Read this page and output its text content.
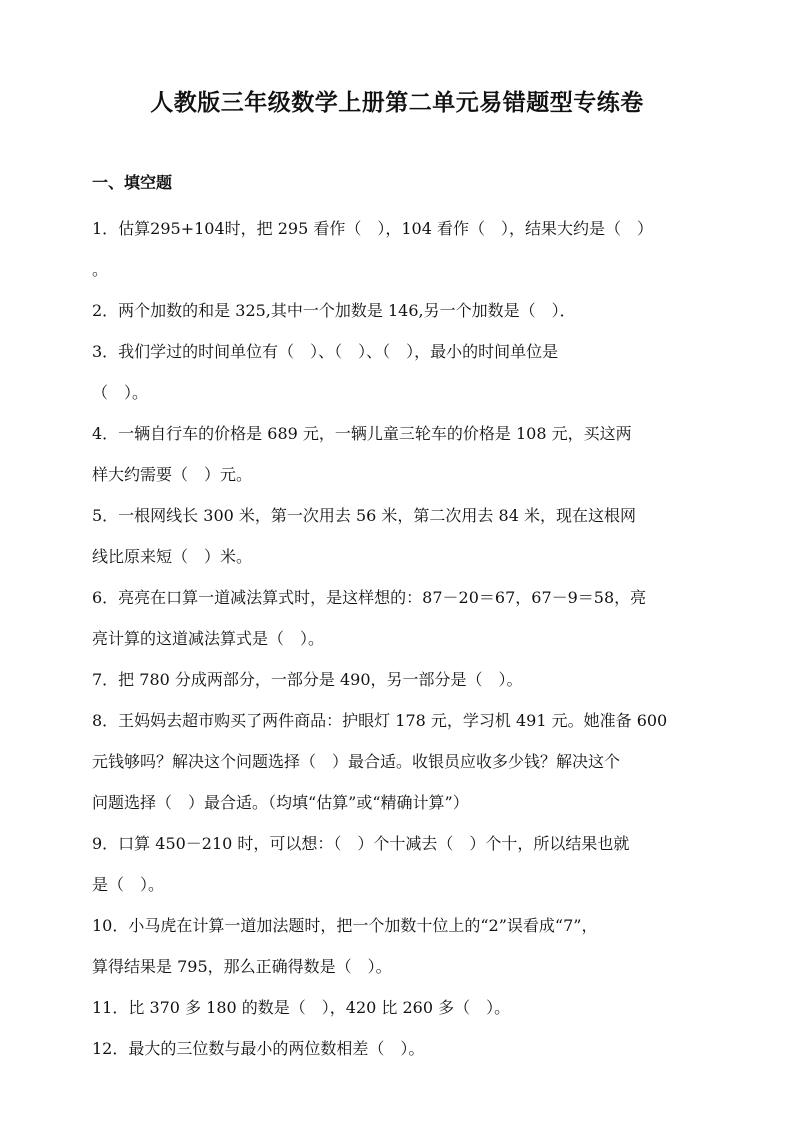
人教版三年级数学上册第二单元易错题型专练卷
一、填空题
1．估算295+104时，把 295 看作（　），104 看作（　），结果大约是（　）
。
2．两个加数的和是 325,其中一个加数是 146,另一个加数是（　）．
3．我们学过的时间单位有（　）、（　）、（　），最小的时间单位是
（　）。
4．一辆自行车的价格是 689 元，一辆儿童三轮车的价格是 108 元，买这两
样大约需要（　）元。
5．一根网线长 300 米，第一次用去 56 米，第二次用去 84 米，现在这根网
线比原来短（　）米。
6．亮亮在口算一道减法算式时，是这样想的：87－20＝67，67－9＝58，亮
亮计算的这道减法算式是（　）。
7．把 780 分成两部分，一部分是 490，另一部分是（　）。
8．王妈妈去超市购买了两件商品：护眼灯 178 元，学习机 491 元。她准备 600
元钱够吗？解决这个问题选择（　）最合适。收银员应收多少钱？解决这个
问题选择（　）最合适。（均填“估算”或“精确计算”）
9．口算 450－210 时，可以想：（　）个十减去（　）个十，所以结果也就
是（　）。
10．小马虎在计算一道加法题时，把一个加数十位上的“2”误看成“7”，
算得结果是 795，那么正确得数是（　）。
11．比 370 多 180 的数是（　），420 比 260 多（　）。
12．最大的三位数与最小的两位数相差（　）。
